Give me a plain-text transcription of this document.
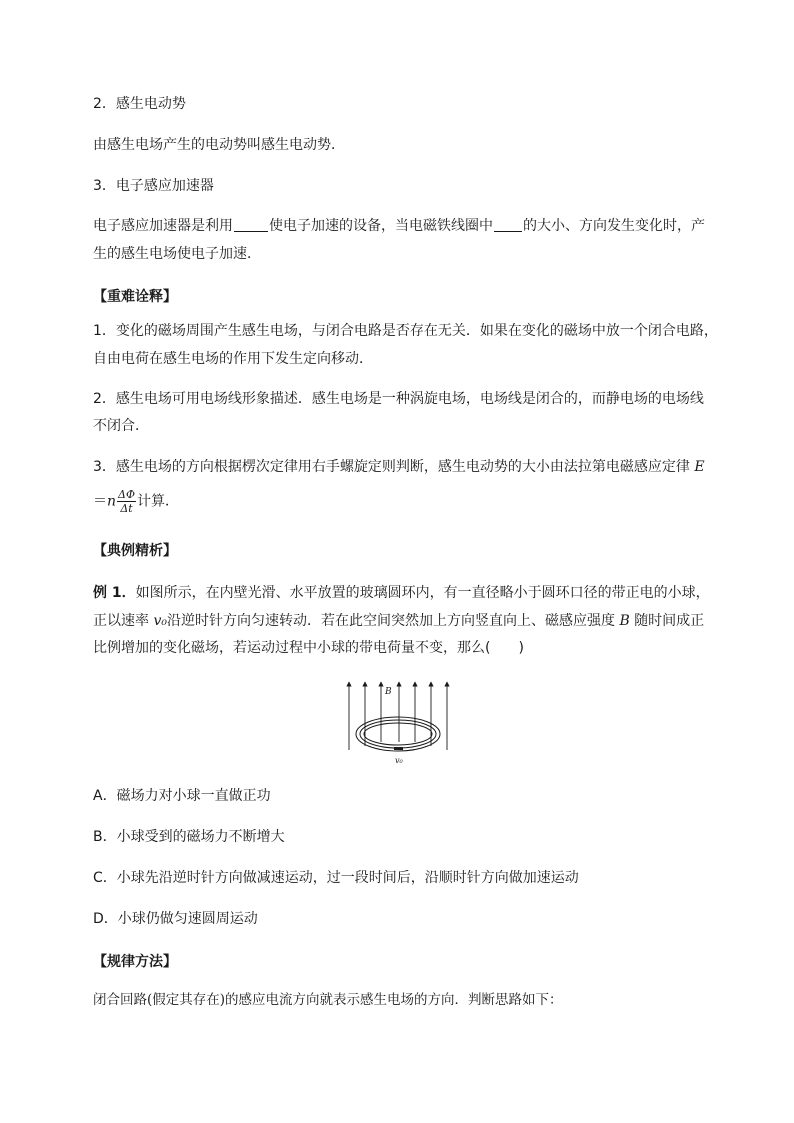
2．感生电动势
由感生电场产生的电动势叫感生电动势．
3．电子感应加速器
电子感应加速器是利用	使电子加速的设备，当电磁铁线圈中 的大小、方向发生变化时，产
生的感生电场使电子加速．
【重难诠释】
1．变化的磁场周围产生感生电场，与闭合电路是否存在无关．如果在变化的磁场中放一个闭合电路，
自由电荷在感生电场的作用下发生定向移动．
2．感生电场可用电场线形象描述．感生电场是一种涡旋电场，电场线是闭合的，而静电场的电场线
不闭合．
3．感生电场的方向根据楞次定律用右手螺旋定则判断，感生电动势的大小由法拉第电磁感应定律 E
$=n \frac{\Delta\Phi}{\Delta t}$ 计算．
【典例精析】
例 1．如图所示，在内壁光滑、水平放置的玻璃圆环内，有一直径略小于圆环口径的带正电的小球，
正以速率 v₀沿逆时针方向匀速转动．若在此空间突然加上方向竖直向上、磁感应强度 B 随时间成正
比例增加的变化磁场，若运动过程中小球的带电荷量不变，那么(　　)
B
v₀
A．磁场力对小球一直做正功
B．小球受到的磁场力不断增大
C．小球先沿逆时针方向做减速运动，过一段时间后，沿顺时针方向做加速运动
D．小球仍做匀速圆周运动
【规律方法】
闭合回路(假定其存在)的感应电流方向就表示感生电场的方向．判断思路如下：
